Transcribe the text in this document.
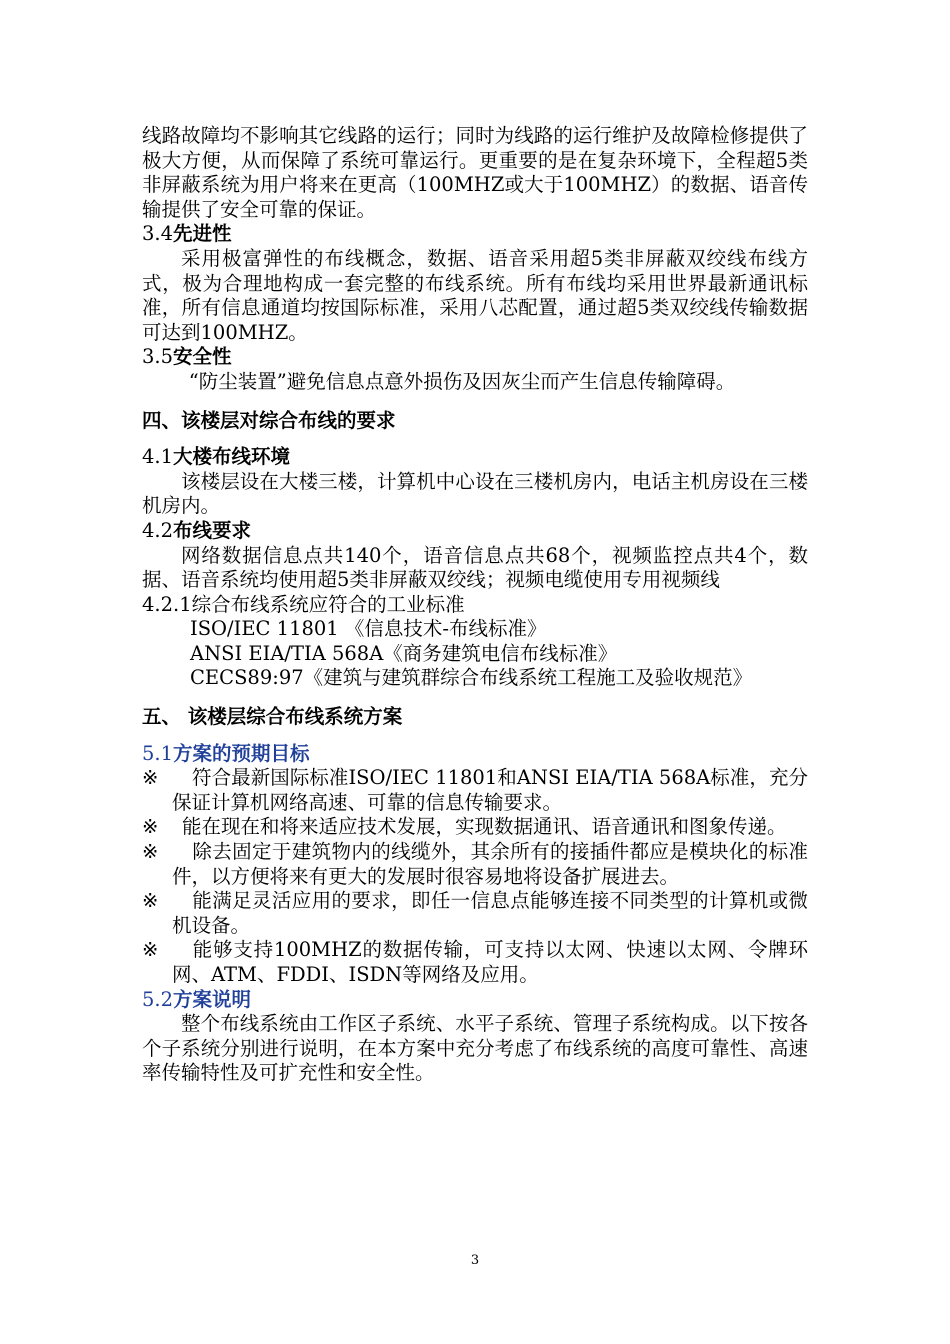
线路故障均不影响其它线路的运行；同时为线路的运行维护及故障检修提供了极大方便，从而保障了系统可靠运行。更重要的是在复杂环境下，全程超5类非屏蔽系统为用户将来在更高（100MHZ或大于100MHZ）的数据、语音传输提供了安全可靠的保证。

3.4先进性

采用极富弹性的布线概念，数据、语音采用超5类非屏蔽双绞线布线方式，极为合理地构成一套完整的布线系统。所有布线均采用世界最新通讯标准，所有信息通道均按国际标准，采用八芯配置，通过超5类双绞线传输数据可达到100MHZ。

3.5安全性

“防尘装置”避免信息点意外损伤及因灰尘而产生信息传输障碍。

四、该楼层对综合布线的要求
4.1大楼布线环境

该楼层设在大楼三楼，计算机中心设在三楼机房内，电话主机房设在三楼机房内。

4.2布线要求

网络数据信息点共140个，语音信息点共68个，视频监控点共4个，数据、语音系统均使用超5类非屏蔽双绞线；视频电缆使用专用视频线

4.2.1综合布线系统应符合的工业标准
ISO/IEC 11801 《信息技术-布线标准》
ANSI EIA/TIA 568A《商务建筑电信布线标准》
CECS89:97《建筑与建筑群综合布线系统工程施工及验收规范》
五、 该楼层综合布线系统方案
5.1方案的预期目标
※	符合最新国际标准ISO/IEC 11801和ANSI EIA/TIA 568A标准，充分保证计算机网络高速、可靠的信息传输要求。
※	能在现在和将来适应技术发展，实现数据通讯、语音通讯和图象传递。
※	除去固定于建筑物内的线缆外，其余所有的接插件都应是模块化的标准件，以方便将来有更大的发展时很容易地将设备扩展进去。
※	能满足灵活应用的要求，即任一信息点能够连接不同类型的计算机或微机设备。
※	能够支持100MHZ的数据传输，可支持以太网、快速以太网、令牌环网、ATM、FDDI、ISDN等网络及应用。
5.2方案说明

整个布线系统由工作区子系统、水平子系统、管理子系统构成。以下按各个子系统分别进行说明，在本方案中充分考虑了布线系统的高度可靠性、高速率传输特性及可扩充性和安全性。

3
